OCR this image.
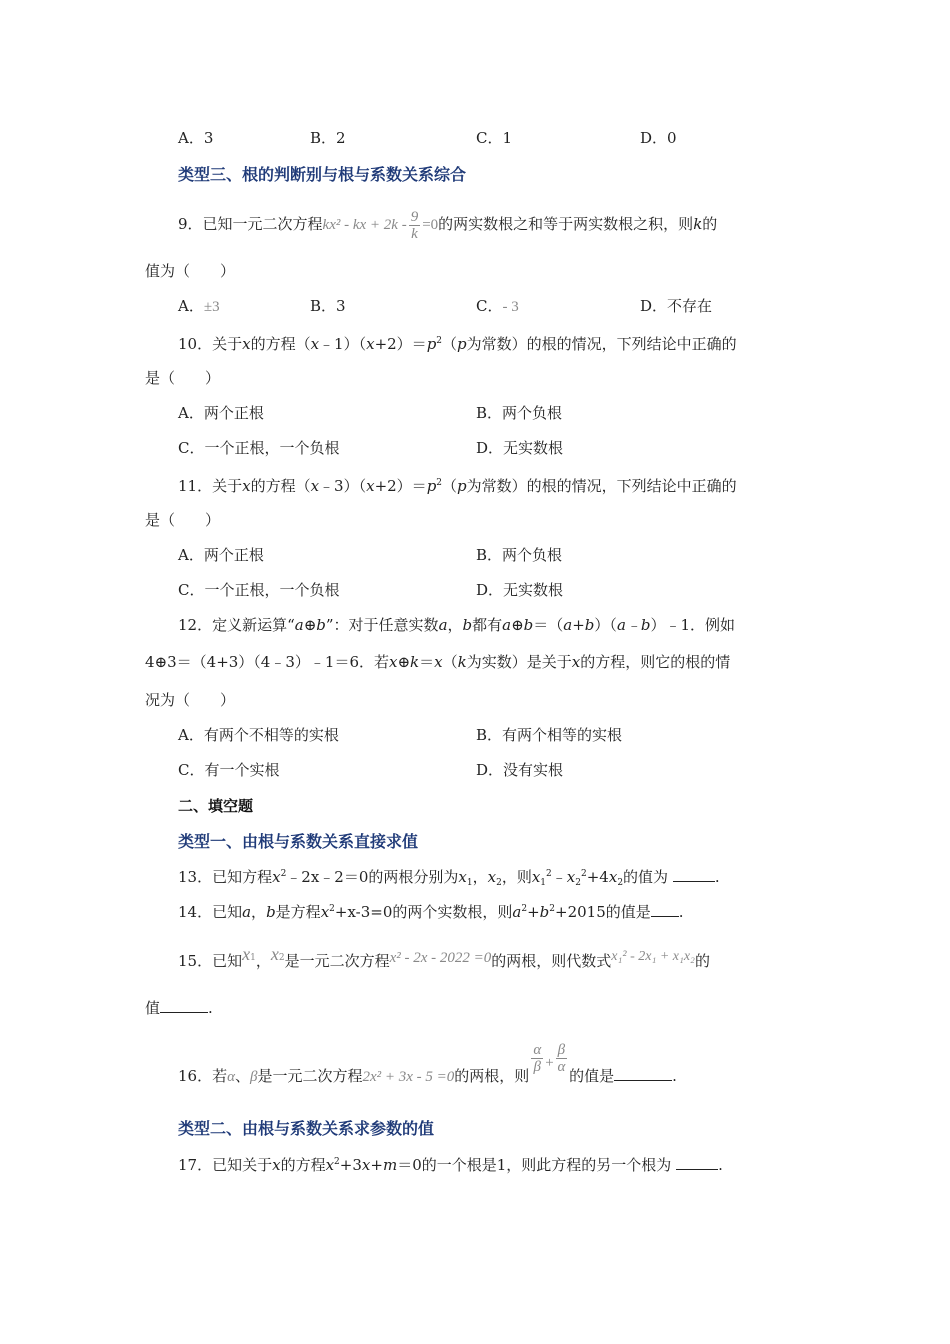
A．3	B．2	C．1	D．0
类型三、根的判断别与根与系数关系综合
9．已知一元二次方程kx² - kx + $2k - \frac{9}{k} =0$的两实数根之和等于两实数根之积，则k的
值为（　　）
A．±3	B．3	C．- 3	D．不存在
10．关于x的方程$(x﹣1)(x+2)=p^2(p$为常数）的根的情况，下列结论中正确的
是（　　）
A．两个正根	B．两个负根
C．一个正根，一个负根	D．无实数根
11．关于x的方程$(x﹣3)(x+2)=p^2(p$为常数）的根的情况，下列结论中正确的
是（　　）
A．两个正根	B．两个负根
C．一个正根，一个负根	D．无实数根
12．定义新运算“a⊕b”：对于任意实数a，b都有a⊕b＝（a+b）（a﹣b）﹣1．例如
4⊕3＝（4+3）（4﹣3）﹣1＝6．若x⊕k＝x（k为实数）是关于x的方程，则它的根的情
况为（　　）
A．有两个不相等的实根	B．有两个相等的实根
C．有一个实根	D．没有实根
二、填空题
类型一、由根与系数关系直接求值
13．已知方程$x^2﹣2x﹣2=0$的两根分别为$x_1$，$x_2$，则$x_1^2﹣x_2^2+4x_2$的值为	.
14．已知a，b是方程$x^2+x-3=0$的两个实数根，则$a^2+b^2+2015$的值是 .
15．已知$x_1$，$x_2$是一元二次方程x² - 2x - 2022 =0的两根，则代数式x₁² - 2x₁ + x₁x₂的
值	.
16．若α、β是一元二次方程2x² + 3x - 5 =0的两根，则
$\frac{\alpha}{\beta} + \frac{\beta}{\alpha}$
的值是	.
类型二、由根与系数关系求参数的值
17．已知关于x的方程$x^2+3x+m=0$的一个根是1，则此方程的另一个根为	.
